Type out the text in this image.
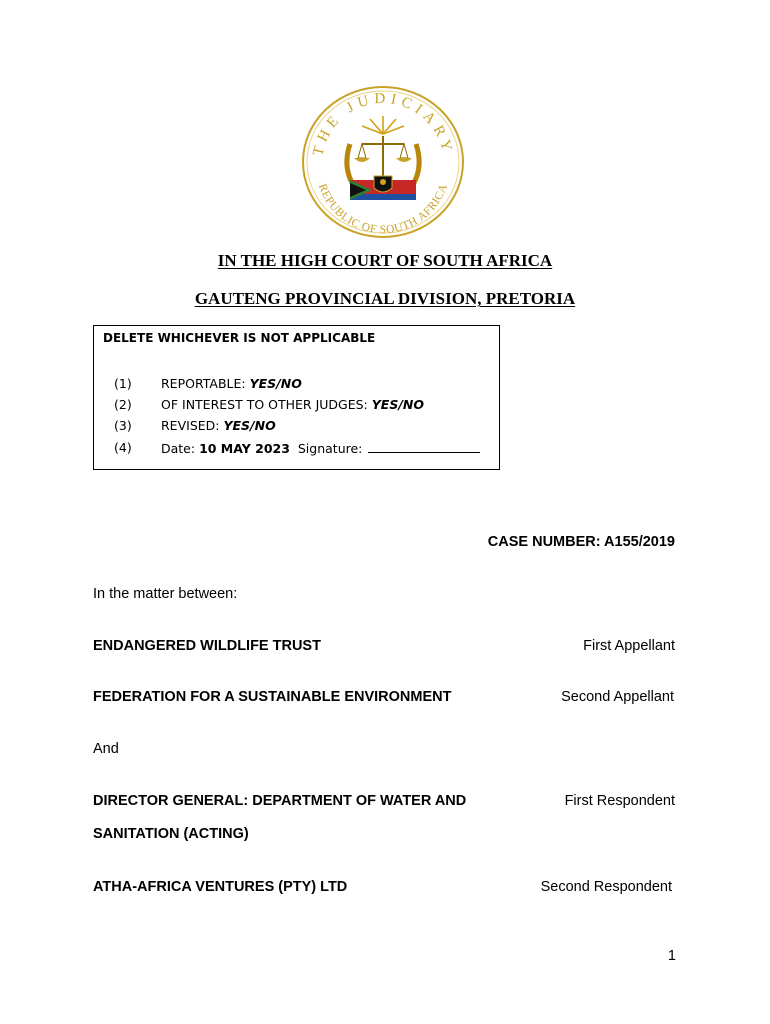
THE JUDICIARY
REPUBLIC OF SOUTH AFRICA
IN THE HIGH COURT OF SOUTH AFRICA
GAUTENG PROVINCIAL DIVISION, PRETORIA
DELETE WHICHEVER IS NOT APPLICABLE
(1) REPORTABLE: YES/NO
(2) OF INTEREST TO OTHER JUDGES: YES/NO
(3) REVISED: YES/NO
(4) Date: 10 MAY 2023 Signature:
CASE NUMBER: A155/2019
In the matter between:
ENDANGERED WILDLIFE TRUST	First Appellant
FEDERATION FOR A SUSTAINABLE ENVIRONMENT	Second Appellant
And
DIRECTOR GENERAL: DEPARTMENT OF WATER AND	First Respondent
SANITATION (ACTING)
ATHA-AFRICA VENTURES (PTY) LTD	Second Respondent
1
